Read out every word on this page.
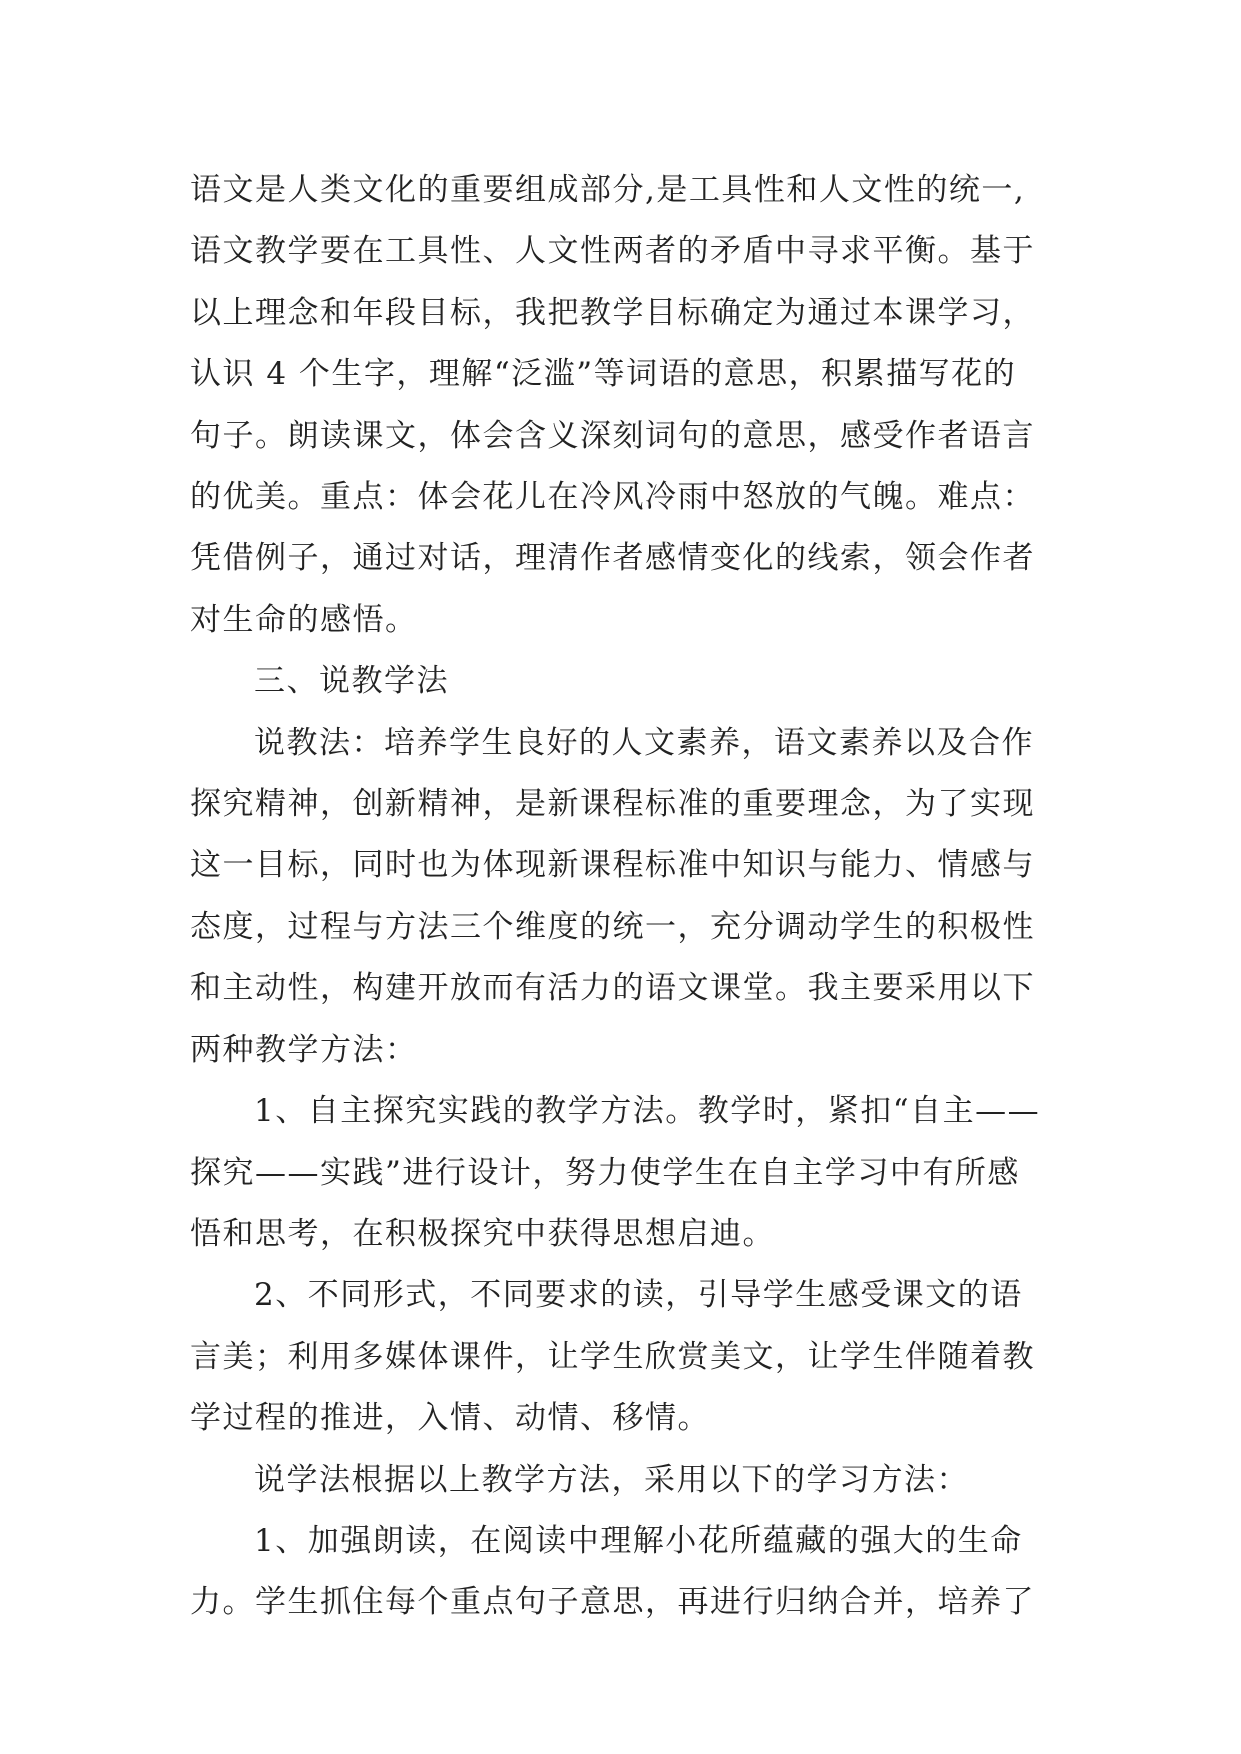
语文是人类文化的重要组成部分,是工具性和人文性的统一,
语文教学要在工具性、人文性两者的矛盾中寻求平衡。基于
以上理念和年段目标，我把教学目标确定为通过本课学习，
认识 4 个生字，理解“泛滥”等词语的意思，积累描写花的
句子。朗读课文，体会含义深刻词句的意思，感受作者语言
的优美。重点：体会花儿在冷风冷雨中怒放的气魄。难点：
凭借例子，通过对话，理清作者感情变化的线索，领会作者
对生命的感悟。

三、说教学法

说教法：培养学生良好的人文素养，语文素养以及合作
探究精神，创新精神，是新课程标准的重要理念，为了实现
这一目标，同时也为体现新课程标准中知识与能力、情感与
态度，过程与方法三个维度的统一，充分调动学生的积极性
和主动性，构建开放而有活力的语文课堂。我主要采用以下
两种教学方法：

1、自主探究实践的教学方法。教学时，紧扣“自主——
探究——实践”进行设计，努力使学生在自主学习中有所感
悟和思考，在积极探究中获得思想启迪。

2、不同形式，不同要求的读，引导学生感受课文的语
言美；利用多媒体课件，让学生欣赏美文，让学生伴随着教
学过程的推进，入情、动情、移情。

说学法根据以上教学方法，采用以下的学习方法：

1、加强朗读，在阅读中理解小花所蕴藏的强大的生命
力。学生抓住每个重点句子意思，再进行归纳合并，培养了
